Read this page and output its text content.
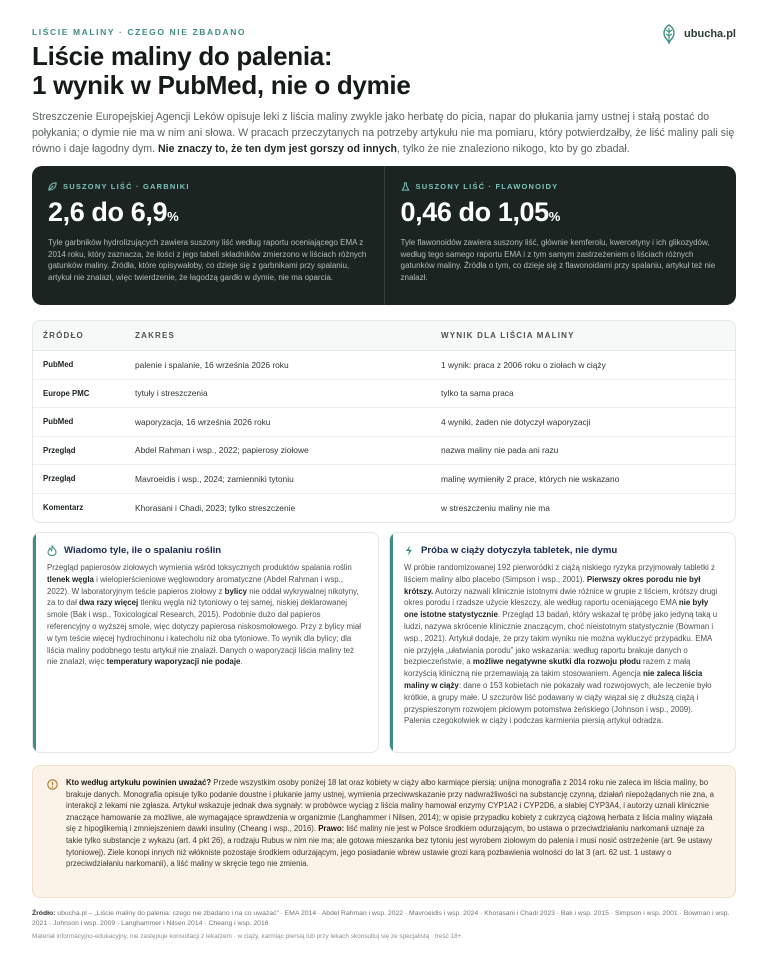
LIŚCIE MALINY · CZEGO NIE ZBADANO	ubucha.pl
Liście maliny do palenia:
1 wynik w PubMed, nie o dymie

Streszczenie Europejskiej Agencji Leków opisuje leki z liścia maliny zwykle jako herbatę do picia, napar do płukania jamy ustnej i stałą postać do połykania; o dymie nie ma w nim ani słowa. W pracach przeczytanych na potrzeby artykułu nie ma pomiaru, który potwierdzałby, że liść maliny pali się równo i daje łagodny dym. Nie znaczy to, że ten dym jest gorszy od innych, tylko że nie znaleziono nikogo, kto by go zbadał.

SUSZONY LIŚĆ · GARBNIKI
2,6 do 6,9%
Tyle garbników hydrolizujących zawiera suszony liść według raportu oceniającego EMA z 2014 roku, który zaznacza, że ilości z jego tabeli składników zmierzono w liściach różnych gatunków maliny. Źródła, które opisywałoby, co dzieje się z garbnikami przy spalaniu, artykuł nie znalazł, więc twierdzenie, że łagodzą gardło w dymie, nie ma oparcia.
SUSZONY LIŚĆ · FLAWONOIDY
0,46 do 1,05%
Tyle flawonoidów zawiera suszony liść, głównie kemferolu, kwercetyny i ich glikozydów, według tego samego raportu EMA i z tym samym zastrzeżeniem o liściach różnych gatunków maliny. Źródła o tym, co dzieje się z flawonoidami przy spalaniu, artykuł też nie znalazł.
ŹRÓDŁO	ZAKRES	WYNIK DLA LIŚCIA MALINY
PubMed	palenie i spalanie, 16 września 2026 roku	1 wynik: praca z 2006 roku o ziołach w ciąży
Europe PMC	tytuły i streszczenia	tylko ta sama praca
PubMed	waporyzacja, 16 września 2026 roku	4 wyniki, żaden nie dotyczył waporyzacji
Przegląd	Abdel Rahman i wsp., 2022; papierosy ziołowe	nazwa maliny nie pada ani razu
Przegląd	Mavroeidis i wsp., 2024; zamienniki tytoniu	malinę wymieniły 2 prace, których nie wskazano
Komentarz	Khorasani i Chadi, 2023; tylko streszczenie	w streszczeniu maliny nie ma
Wiadomo tyle, ile o spalaniu roślin

Przegląd papierosów ziołowych wymienia wśród toksycznych produktów spalania roślin tlenek węgla i wielopierścieniowe węglowodory aromatyczne (Abdel Rahman i wsp., 2022). W laboratoryjnym teście papieros ziołowy z bylicy nie oddał wykrywalnej nikotyny, za to dał dwa razy więcej tlenku węgla niż tytoniowy o tej samej, niskiej deklarowanej smole (Bak i wsp., Toxicological Research, 2015). Podobnie dużo dał papieros referencyjny o wyższej smole, więc dotyczy papierosa niskosmołowego. Przy z bylicy miał w tym teście więcej hydrochinonu i katecholu niż oba tytoniowe. To wynik dla bylicy; dla liścia maliny podobnego testu artykuł nie znalazł. Danych o waporyzacji liścia maliny też nie znalazł, więc temperatury waporyzacji nie podaje.

Próba w ciąży dotyczyła tabletek, nie dymu

W próbie randomizowanej 192 pierworódki z ciążą niskiego ryzyka przyjmowały tabletki z liściem maliny albo placebo (Simpson i wsp., 2001). Pierwszy okres porodu nie był krótszy. Autorzy nazwali klinicznie istotnymi dwie różnice w grupie z liściem, krótszy drugi okres porodu i rzadsze użycie kleszczy, ale według raportu oceniającego EMA nie były one istotne statystycznie. Przegląd 13 badań, który wskazał tę próbę jako jedyną taką u ludzi, nazywa skrócenie klinicznie znaczącym, choć nieistotnym statystycznie (Bowman i wsp., 2021). Artykuł dodaje, że przy takim wyniku nie można wykluczyć przypadku. EMA nie przyjęła „ułatwiania porodu” jako wskazania: według raportu brakuje danych o bezpieczeństwie, a możliwe negatywne skutki dla rozwoju płodu razem z małą korzyścią kliniczną nie przemawiają za takim stosowaniem. Agencja nie zaleca liścia maliny w ciąży: dane o 153 kobietach nie pokazały wad rozwojowych, ale leczenie było krótkie, a grupy małe. U szczurów liść podawany w ciąży wiązał się z dłuższą ciążą i przyspieszonym rozwojem płciowym potomstwa żeńskiego (Johnson i wsp., 2009). Palenia czegokolwiek w ciąży i podczas karmienia piersią artykuł odradza.

Kto według artykułu powinien uważać? Przede wszystkim osoby poniżej 18 lat oraz kobiety w ciąży albo karmiące piersią: unijna monografia z 2014 roku nie zaleca im liścia maliny, bo brakuje danych. Monografia opisuje tylko podanie doustne i płukanie jamy ustnej, wymienia przeciwwskazanie przy nadwrażliwości na substancję czynną, działań niepożądanych nie zna, a interakcji z lekami nie zgłasza. Artykuł wskazuje jednak dwa sygnały: w probówce wyciąg z liścia maliny hamował enzymy CYP1A2 i CYP2D6, a słabiej CYP3A4, i autorzy uznali klinicznie znaczące hamowanie za możliwe, ale wymagające sprawdzenia w organizmie (Langhammer i Nilsen, 2014); w opisie przypadku kobiety z cukrzycą ciążową herbata z liścia maliny wiązała się z hipoglikemią i zmniejszeniem dawki insuliny (Cheang i wsp., 2016). Prawo: liść maliny nie jest w Polsce środkiem odurzającym, bo ustawa o przeciwdziałaniu narkomanii uznaje za takie tylko substancje z wykazu (art. 4 pkt 26), a rodzaju Rubus w nim nie ma; ale gotowa mieszanka bez tytoniu jest wyrobem ziołowym do palenia i musi nosić ostrzeżenie (art. 9e ustawy tytoniowej). Ziele konopi innych niż włókniste pozostaje środkiem odurzającym, jego posiadanie wbrew ustawie grozi karą pozbawienia wolności do lat 3 (art. 62 ust. 1 ustawy o przeciwdziałaniu narkomanii), a liść maliny w skręcie tego nie zmienia.

Źródło: ubucha.pl – „Liście maliny do palenia: czego nie zbadano i na co uważać” · EMA 2014 · Abdel Rahman i wsp. 2022 · Mavroeidis i wsp. 2024 · Khorasani i Chadi 2023 · Bak i wsp. 2015 · Simpson i wsp. 2001 · Bowman i wsp. 2021 · Johnson i wsp. 2009 · Langhammer i Nilsen 2014 · Cheang i wsp. 2016

Materiał informacyjno-edukacyjny, nie zastępuje konsultacji z lekarzem · w ciąży, karmiąc piersią lub przy lekach skonsultuj się ze specjalistą · treść 18+.
